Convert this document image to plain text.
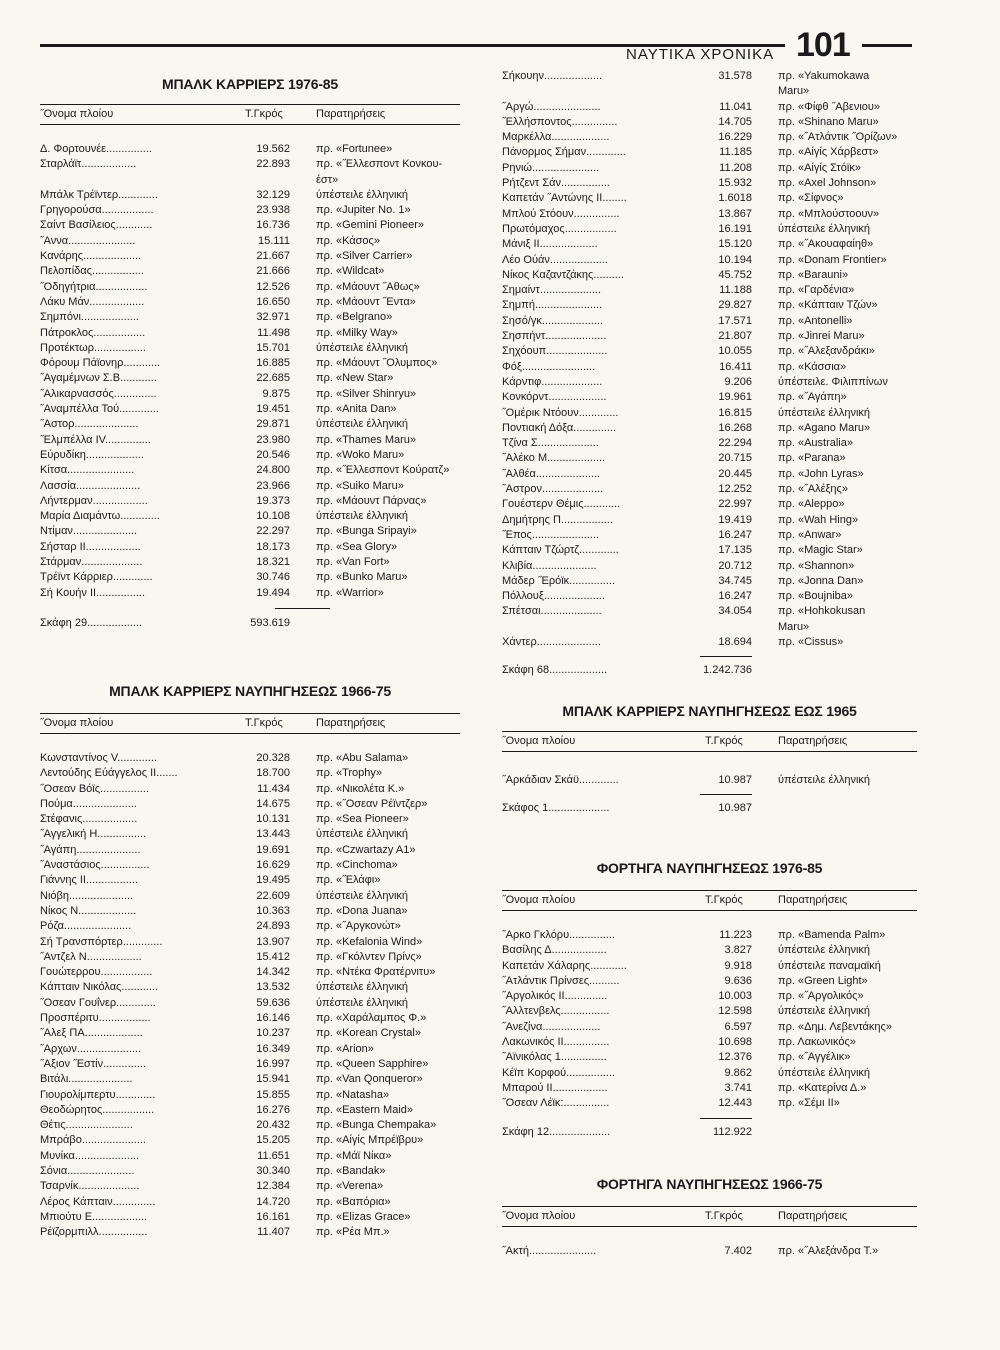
ΝΑΥΤΙΚΑ ΧΡΟΝΙΚΑ 101
ΜΠΑΛΚ ΚΑΡΡΙΕΡΣ 1976-85
˝Ονομα πλοίου	Τ.Γκρός	Παρατηρήσεις
Δ. Φορτουνέε...............	19.562 πρ. «Fortunee»
Σταρλάϊτ..................	22.893 πρ. «˝Ελλεσποντ Κονκου-
έστ»
Μπάλκ Τρέϊντερ.............	32.129 ύπέστειλε έλληνική
Γρηγορούσα.................	23.938 πρ. «Jupiter No. 1»
Σαίντ Βασίλειος............	16.736 πρ. «Gemini Pioneer»
˝Αννα......................	15.111 πρ. «Κάσος»
Κανάρης...................	21.667 πρ. «Silver Carrier»
Πελοπίδας.................	21.666 πρ. «Wildcat»
˝Οδηγήτρια.................	12.526 πρ. «Μάουντ ˝Αθως»
Λάκυ Μάν..................	16.650 πρ. «Μάουντ ˝Εντα»
Σημπόνι...................	32.971 πρ. «Belgrano»
Πάτροκλος.................	11.498 πρ. «Milky Way»
Προτέκτωρ.................	15.701 ύπέστειλε έλληνική
Φόρουμ Πάϊονηρ............	16.885 πρ. «Μάουντ ˝Ολυμπος»
˝Αγαμέμνων Σ.Β............	22.685 πρ. «New Star»
˝Αλικαρνασσός..............	9.875 πρ. «Silver Shinryu»
˝Αναμπέλλα Τού.............	19.451 πρ. «Anita Dan»
˝Αστορ.....................	29.871 ύπέστειλε έλληνική
˝Ελμπέλλα IV...............	23.980 πρ. «Thames Maru»
Εύρυδίκη...................	20.546 πρ. «Woko Maru»
Κίτσα......................	24.800 πρ. «˝Ελλεσποντ Κούρατζ»
Λασσία.....................	23.966 πρ. «Suiko Maru»
Λήντερμαν..................	19.373 πρ. «Μάουντ Πάρνας»
Μαρία Διαμάντω.............	10.108 ύπέστειλε έλληνική
Ντίμαν.....................	22.297 πρ. «Bunga Sripayi»
Σήσταρ II..................	18.173 πρ. «Sea Glory»
Στάρμαν....................	18.321 πρ. «Van Fort»
Τρέϊντ Κάρριερ.............	30.746 πρ. «Bunko Maru»
Σή Κουήν II................	19.494 πρ. «Warrior»
Σκάφη 29..................	593.619
ΜΠΑΛΚ ΚΑΡΡΙΕΡΣ ΝΑΥΠΗΓΗΣΕΩΣ 1966-75
˝Ονομα πλοίου	Τ.Γκρός	Παρατηρήσεις
Κωνσταντίνος V.............	20.328 πρ. «Abu Salama»
Λεντούδης Εύάγγελος II.......	18.700 πρ. «Trophy»
˝Οσεαν Βόϊς................	11.434 πρ. «Νικολέτα Κ.»
Πούμα.....................	14.675 πρ. «˝Οσεαν Ρέϊντζερ»
Στέφανις..................	10.131 πρ. «Sea Pioneer»
˝Αγγελική Η................	13.443 ύπέστειλε έλληνική
˝Αγάπη.....................	19.691 πρ. «Czwartazy A1»
˝Αναστάσιος................	16.629 πρ. «Cinchoma»
Γιάννης II.................	19.495 πρ. «˝Ελάφι»
Νιόβη.....................	22.609 ύπέστειλε έλληνική
Νίκος Ν...................	10.363 πρ. «Dona Juana»
Ρόζα......................	24.893 πρ. «˝Αργκονώτ»
Σή Τρανσπόρτερ.............	13.907 πρ. «Kefalonia Wind»
˝Αντζελ Ν..................	15.412 πρ. «Γκόλντεν Πρίνς»
Γουώτερρου.................	14.342 πρ. «Ντέκα Φρατέρνιτυ»
Κάπταιν Νικόλας............	13.532 ύπέστειλε έλληνική
˝Οσεαν Γουΐνερ.............	59.636 ύπέστειλε έλληνική
Προσπέριτυ.................	16.146 πρ. «Χαράλαμπος Φ.»
˝Αλεξ ΠΑ...................	10.237 πρ. «Korean Crystal»
˝Αρχων.....................	16.349 πρ. «Arion»
˝Αξιον ˝Εστίν..............	16.997 πρ. «Queen Sapphire»
Βιτάλι.....................	15.941 πρ. «Van Qonqueror»
Γιουρολίμπερτυ.............	15.855 πρ. «Natasha»
Θεοδώρητος.................	16.276 πρ. «Eastern Maid»
Θέτις......................	20.432 πρ. «Bunga Chempaka»
Μπράβο.....................	15.205 πρ. «Αίγίς Μπρέϊβρυ»
Μυνίκα.....................	11.651 πρ. «Μάϊ Νίκα»
Σόνια......................	30.340 πρ. «Bandak»
Τσαρνίκ....................	12.384 πρ. «Verena»
Λέρος Κάπταιν..............	14.720 πρ. «Βαπόρια»
Μπιούτυ Ε..................	16.161 πρ. «Elizas Grace»
Ρέϊζορμπιλλ................	11.407 πρ. «Ρέα Μπ.»
Σήκουην...................	31.578 πρ. «Yakumokawa
Maru»
˝Αργώ......................	11.041 πρ. «Φίφθ ˝Αβενιου»
˝Ελλήσποντος...............	14.705 πρ. «Shinano Maru»
Μαρκέλλα...................	16.229 πρ. «˝Ατλάντικ ˝Ορίζων»
Πάνορμος Σήμαν.............	11.185 πρ. «Αίγίς Χάρβεστ»
Ρηνιώ......................	11.208 πρ. «Αίγίς Στόϊκ»
Ρήτζεντ Σάν................	15.932 πρ. «Axel Johnson»
Καπετάν ˝Αντώνης II........	1.6018 πρ. «Σίφνος»
Μπλού Στόουν...............	13.867 πρ. «Μπλούστοουν»
Πρωτόμαχος.................	16.191 ύπέστειλε έλληνική
Μάνιξ II...................	15.120 πρ. «˝Ακουαφαίηθ»
Λέο Ούάν...................	10.194 πρ. «Donam Frontier»
Νίκος Καζαντζάκης..........	45.752 πρ. «Barauni»
Σημαίντ....................	11.188 πρ. «Γαρδένια»
Σημπή......................	29.827 πρ. «Κάπταιν Τζών»
Σησό/γκ....................	17.571 πρ. «Antonelli»
Σησπήντ....................	21.807 πρ. «Jinrei Maru»
Σηχόουπ....................	10.055 πρ. «˝Αλεξανδράκι»
Φόξ........................	16.411 πρ. «Κάσσια»
Κάρντιφ....................	9.206 ύπέστειλε. Φιλιππίνων
Κονκόρντ...................	19.961 πρ. «˝Αγάπη»
˝Ομέρικ Ντόουν.............	16.815 ύπέστειλε έλληνική
Ποντιακή Δόξα..............	16.268 πρ. «Agano Maru»
Τζίνα Σ....................	22.294 πρ. «Australia»
˝Αλέκο Μ...................	20.715 πρ. «Parana»
˝Αλθέα.....................	20.445 πρ. «John Lyras»
˝Αστρον....................	12.252 πρ. «˝Αλέξης»
Γουέστερν Θέμις............	22.997 πρ. «Aleppo»
Δημήτρης Π.................	19.419 πρ. «Wah Hing»
˝Επος......................	16.247 πρ. «Anwar»
Κάπταιν Τζώρτζ.............	17.135 πρ. «Magic Star»
Κλιβία.....................	20.712 πρ. «Shannon»
Μάδερ ˝Ερόϊκ...............	34.745 πρ. «Jonna Dan»
Πόλλουξ....................	16.247 πρ. «Boujniba»
Σπέτσαι....................	34.054 πρ. «Hohkokusan
Maru»
Χάντερ.....................	18.694 πρ. «Cissus»
Σκάφη 68...................	1.242.736
ΜΠΑΛΚ ΚΑΡΡΙΕΡΣ ΝΑΥΠΗΓΗΣΕΩΣ ΕΩΣ 1965
˝Ονομα πλοίου	Τ.Γκρός	Παρατηρήσεις
˝Αρκάδιαν Σκάϋ.............	10.987 ύπέστειλε έλληνική
Σκάφος 1....................	10.987
ΦΟΡΤΗΓΑ ΝΑΥΠΗΓΗΣΕΩΣ 1976-85
˝Ονομα πλοίου	Τ.Γκρός	Παρατηρήσεις
˝Αρκο Γκλόρυ...............	11.223 πρ. «Bamenda Palm»
Βασίλης Δ..................	3.827 ύπέστειλε έλληνική
Καπετάν Χάλαρης............	9.918 ύπέστειλε παναμαϊκή
˝Ατλάντικ Πρίνσες..........	9.636 πρ. «Green Light»
˝Αργολικός II..............	10.003 πρ. «˝Αργολικός»
˝Αλλτενβελς................	12.598 ύπέστειλε έλληνική
˝Ανεζίνα...................	6.597 πρ. «Δημ. Λεβεντάκης»
Λακωνικός II...............	10.698 πρ. Λακωνικός»
˝Αϊνικόλας 1...............	12.376 πρ. «˝Αγγέλικ»
Κέϊπ Κορφού................	9.862 ύπέστειλε έλληνική
Μπαρού II..................	3.741 πρ. «Κατερίνα Δ.»
˝Οσεαν Λέϊκ:...............	12.443 πρ. «Σέμι II»
Σκάφη 12....................	112.922
ΦΟΡΤΗΓΑ ΝΑΥΠΗΓΗΣΕΩΣ 1966-75
˝Ονομα πλοίου	Τ.Γκρός	Παρατηρήσεις
˝Ακτή......................	7.402 πρ. «˝Αλεξάνδρα Τ.»
